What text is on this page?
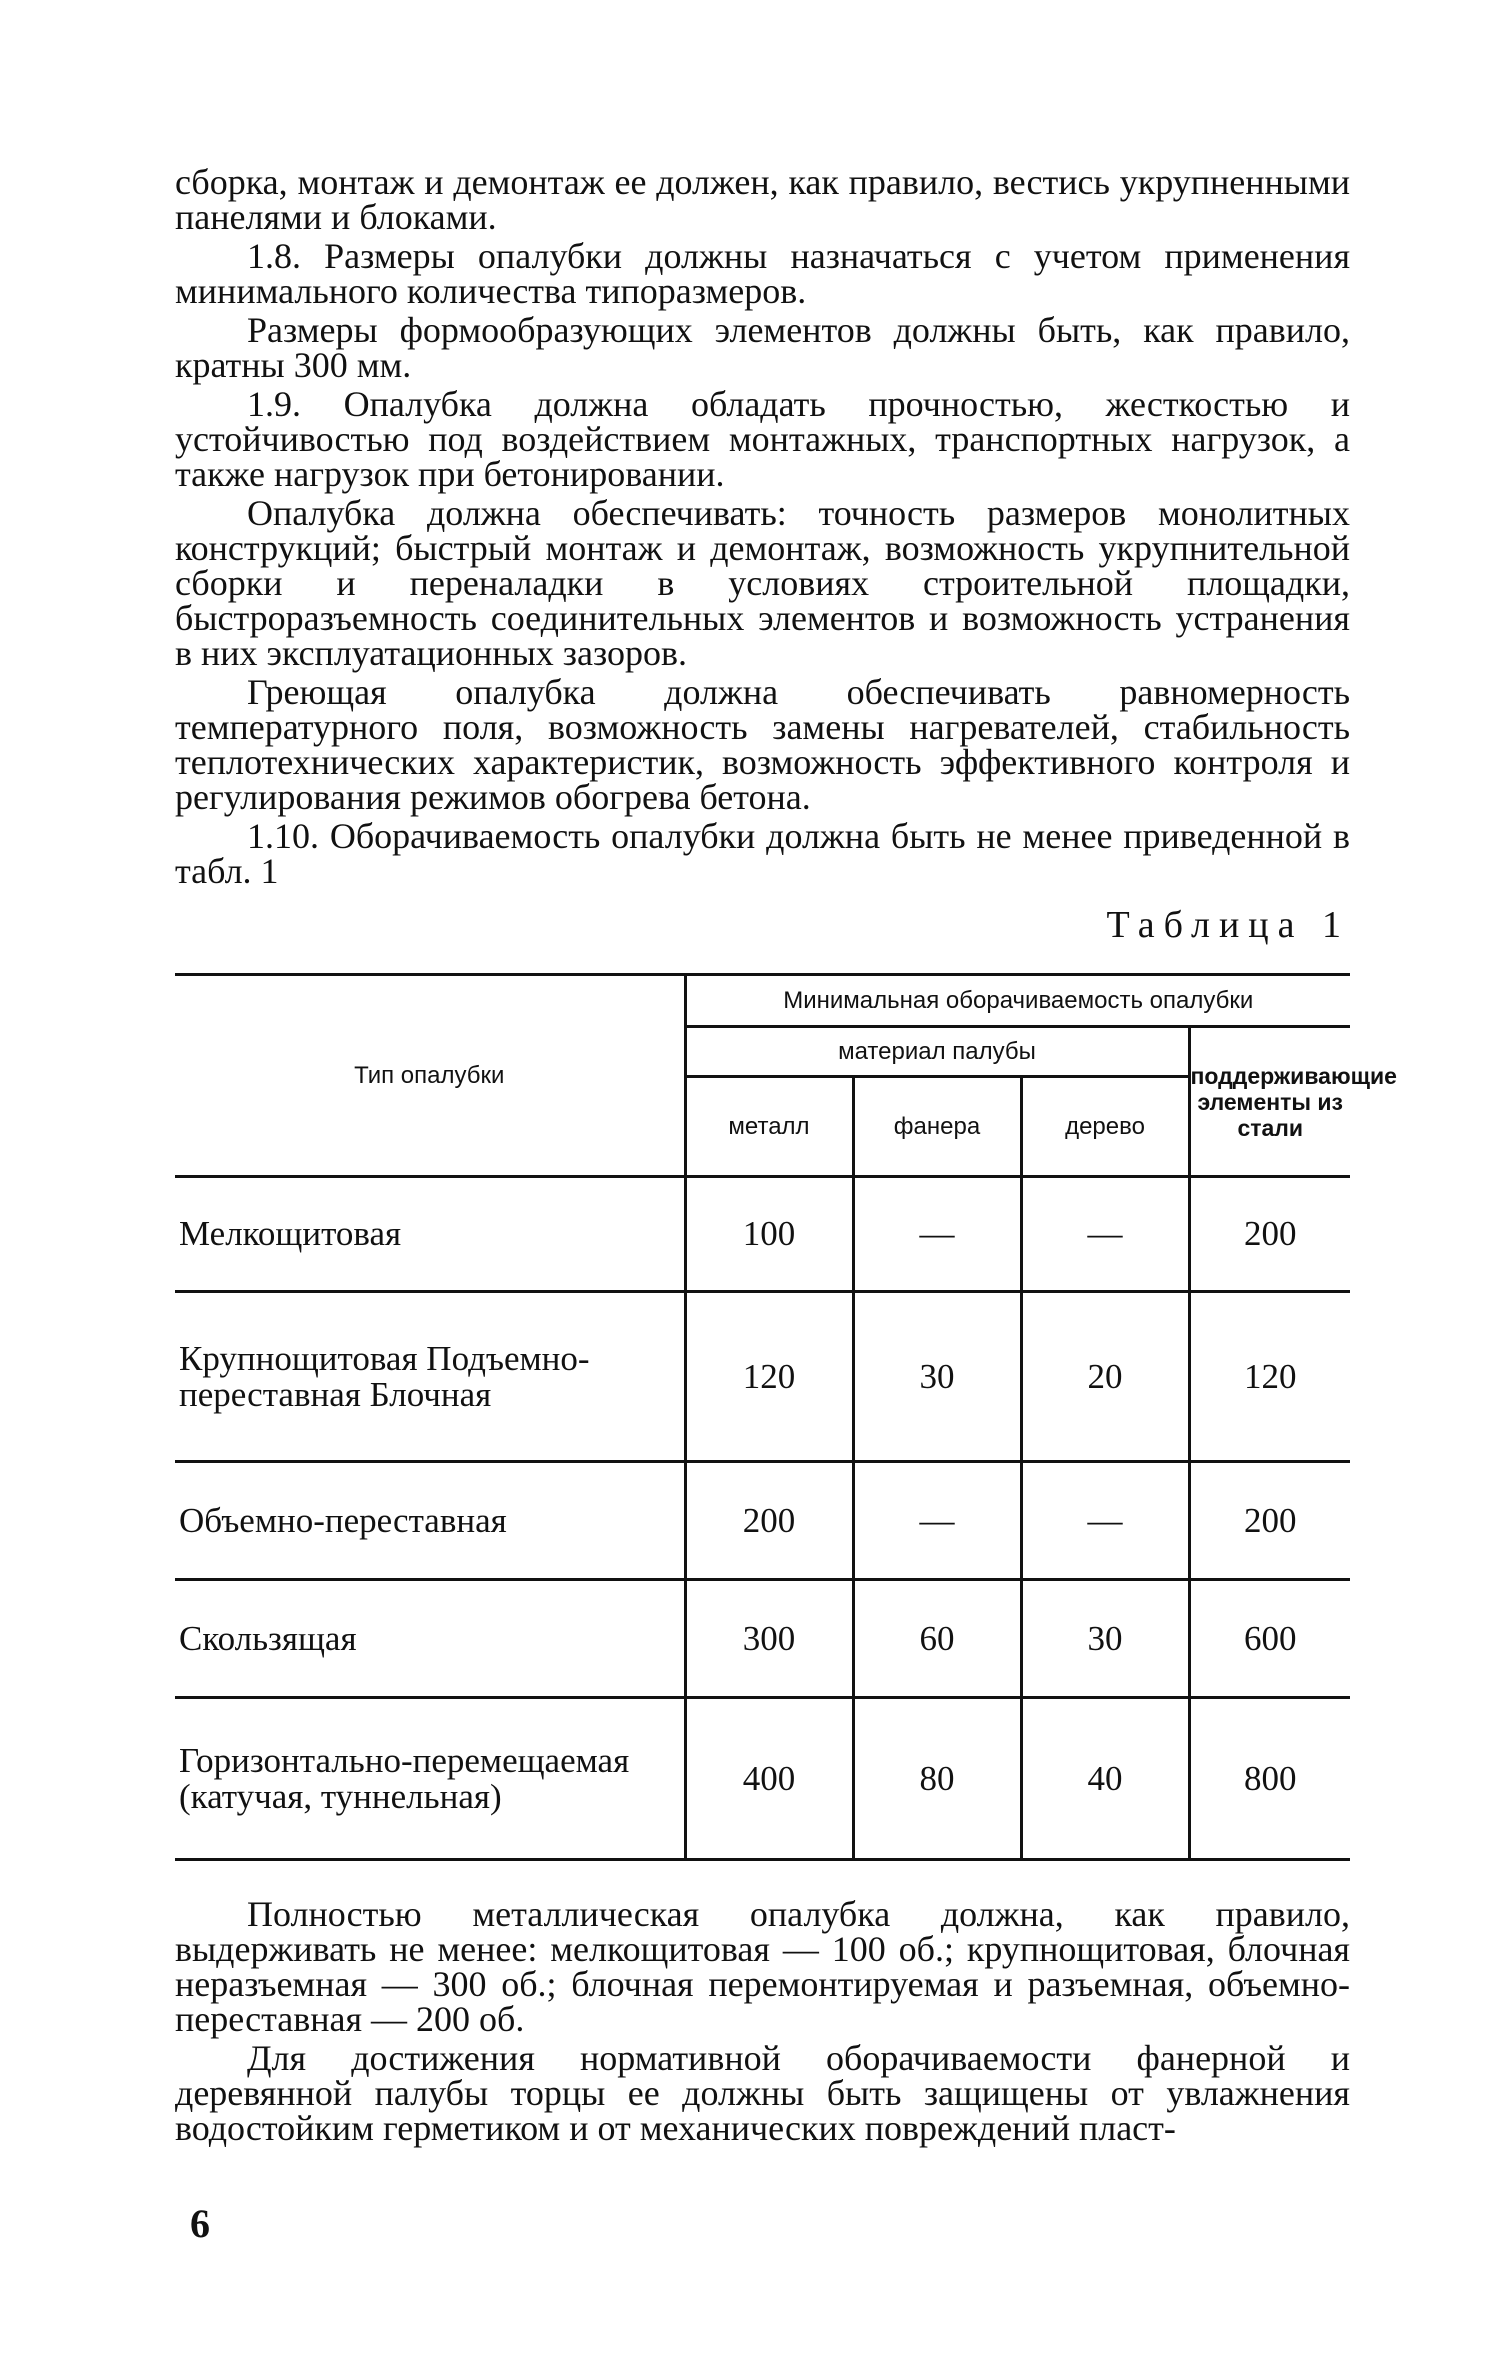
сборка, монтаж и демонтаж ее должен, как правило, вестись укрупненными панелями и блоками.

1.8. Размеры опалубки должны назначаться с учетом применения минимального количества типоразмеров.

Размеры формообразующих элементов должны быть, как правило, кратны 300 мм.

1.9. Опалубка должна обладать прочностью, жесткостью и устойчивостью под воздействием монтажных, транспортных нагрузок, а также нагрузок при бетонировании.

Опалубка должна обеспечивать: точность размеров монолитных конструкций; быстрый монтаж и демонтаж, возможность укрупнительной сборки и переналадки в условиях строительной площадки, быстроразъемность соединительных элементов и возможность устранения в них эксплуатационных зазоров.

Греющая опалубка должна обеспечивать равномерность температурного поля, возможность замены нагревателей, стабильность теплотехнических характеристик, возможность эффективного контроля и регулирования режимов обогрева бетона.

1.10. Оборачиваемость опалубки должна быть не менее приведенной в табл. 1

Таблица 1
Тип опалубки	Минимальная оборачиваемость опалубки			
	материал палубы			поддерживающие элементы из стали
	металл	фанера	дерево	
Мелкощитовая	100	—	—	200
Крупнощитовая Подъемно-переставная Блочная	120	30	20	120
Объемно-переставная	200	—	—	200
Скользящая	300	60	30	600
Горизонтально-перемещаемая (катучая, туннельная)	400	80	40	800

Полностью металлическая опалубка должна, как правило, выдерживать не менее: мелкощитовая — 100 об.; крупнощитовая, блочная неразъемная — 300 об.; блочная перемонтируемая и разъемная, объемно-переставная — 200 об.

Для достижения нормативной оборачиваемости фанерной и деревянной палубы торцы ее должны быть защищены от увлажнения водостойким герметиком и от механических повреждений пласт-

6
